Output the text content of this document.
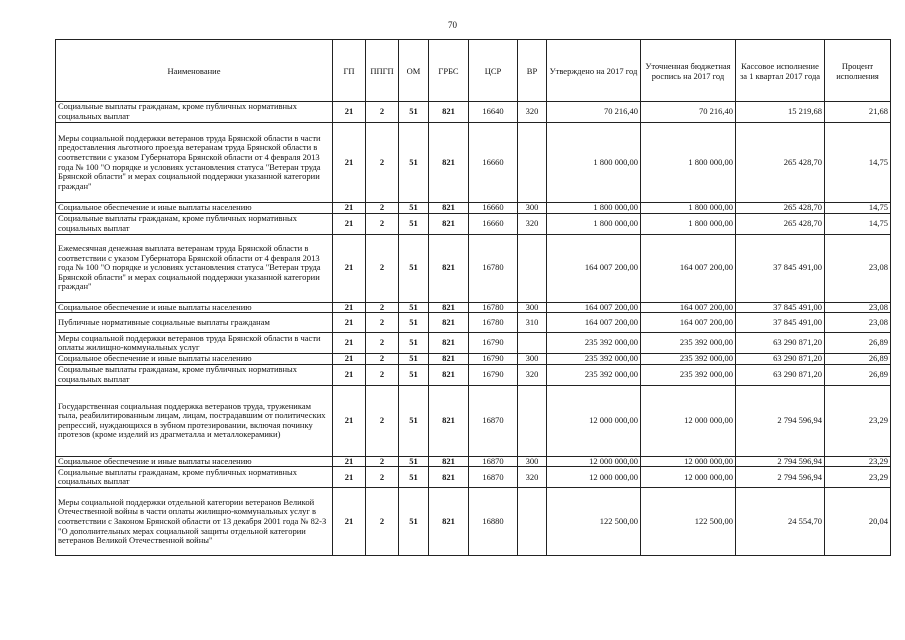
70
Наименование	ГП	ППГП	ОМ	ГРБС	ЦСР	ВР	Утверждено на 2017 год	Уточненная бюджетная роспись на 2017 год	Кассовое исполнение за 1 квартал 2017 года	Процент исполнения
Социальные выплаты гражданам, кроме публичных нормативных социальных выплат	21	2	51	821	16640	320	70 216,40	70 216,40	15 219,68	21,68
Меры социальной поддержки ветеранов труда Брянской области в части предоставления льготного проезда ветеранам труда Брянской области в соответствии с указом Губернатора Брянской области от 4 февраля 2013 года № 100 "О порядке и условиях установления статуса "Ветеран труда Брянской области" и мерах социальной поддержки указанной категории граждан"	21	2	51	821	16660		1 800 000,00	1 800 000,00	265 428,70	14,75
Социальное обеспечение и иные выплаты населению	21	2	51	821	16660	300	1 800 000,00	1 800 000,00	265 428,70	14,75
Социальные выплаты гражданам, кроме публичных нормативных социальных выплат	21	2	51	821	16660	320	1 800 000,00	1 800 000,00	265 428,70	14,75
Ежемесячная денежная выплата ветеранам труда Брянской области в соответствии с указом Губернатора Брянской области от 4 февраля 2013 года № 100 "О порядке и условиях установления статуса "Ветеран труда Брянской области" и мерах социальной поддержки указанной категории граждан"	21	2	51	821	16780		164 007 200,00	164 007 200,00	37 845 491,00	23,08
Социальное обеспечение и иные выплаты населению	21	2	51	821	16780	300	164 007 200,00	164 007 200,00	37 845 491,00	23,08
Публичные нормативные социальные выплаты гражданам	21	2	51	821	16780	310	164 007 200,00	164 007 200,00	37 845 491,00	23,08
Меры социальной поддержки ветеранов труда Брянской области в части оплаты жилищно-коммунальных услуг	21	2	51	821	16790		235 392 000,00	235 392 000,00	63 290 871,20	26,89
Социальное обеспечение и иные выплаты населению	21	2	51	821	16790	300	235 392 000,00	235 392 000,00	63 290 871,20	26,89
Социальные выплаты гражданам, кроме публичных нормативных социальных выплат	21	2	51	821	16790	320	235 392 000,00	235 392 000,00	63 290 871,20	26,89
Государственная социальная поддержка ветеранов труда, труженикам тыла, реабилитированным лицам, лицам, пострадавшим от политических репрессий, нуждающихся в зубном протезировании, включая починку протезов (кроме изделий из драгметалла и металлокерамики)	21	2	51	821	16870		12 000 000,00	12 000 000,00	2 794 596,94	23,29
Социальное обеспечение и иные выплаты населению	21	2	51	821	16870	300	12 000 000,00	12 000 000,00	2 794 596,94	23,29
Социальные выплаты гражданам, кроме публичных нормативных социальных выплат	21	2	51	821	16870	320	12 000 000,00	12 000 000,00	2 794 596,94	23,29
Меры социальной поддержки отдельной категории ветеранов Великой Отечественной войны в части оплаты жилищно-коммунальных услуг в соответствии с Законом Брянской области от 13 декабря 2001 года № 82-З "О дополнительных мерах социальной защиты отдельной категории ветеранов Великой Отечественной войны"	21	2	51	821	16880		122 500,00	122 500,00	24 554,70	20,04
